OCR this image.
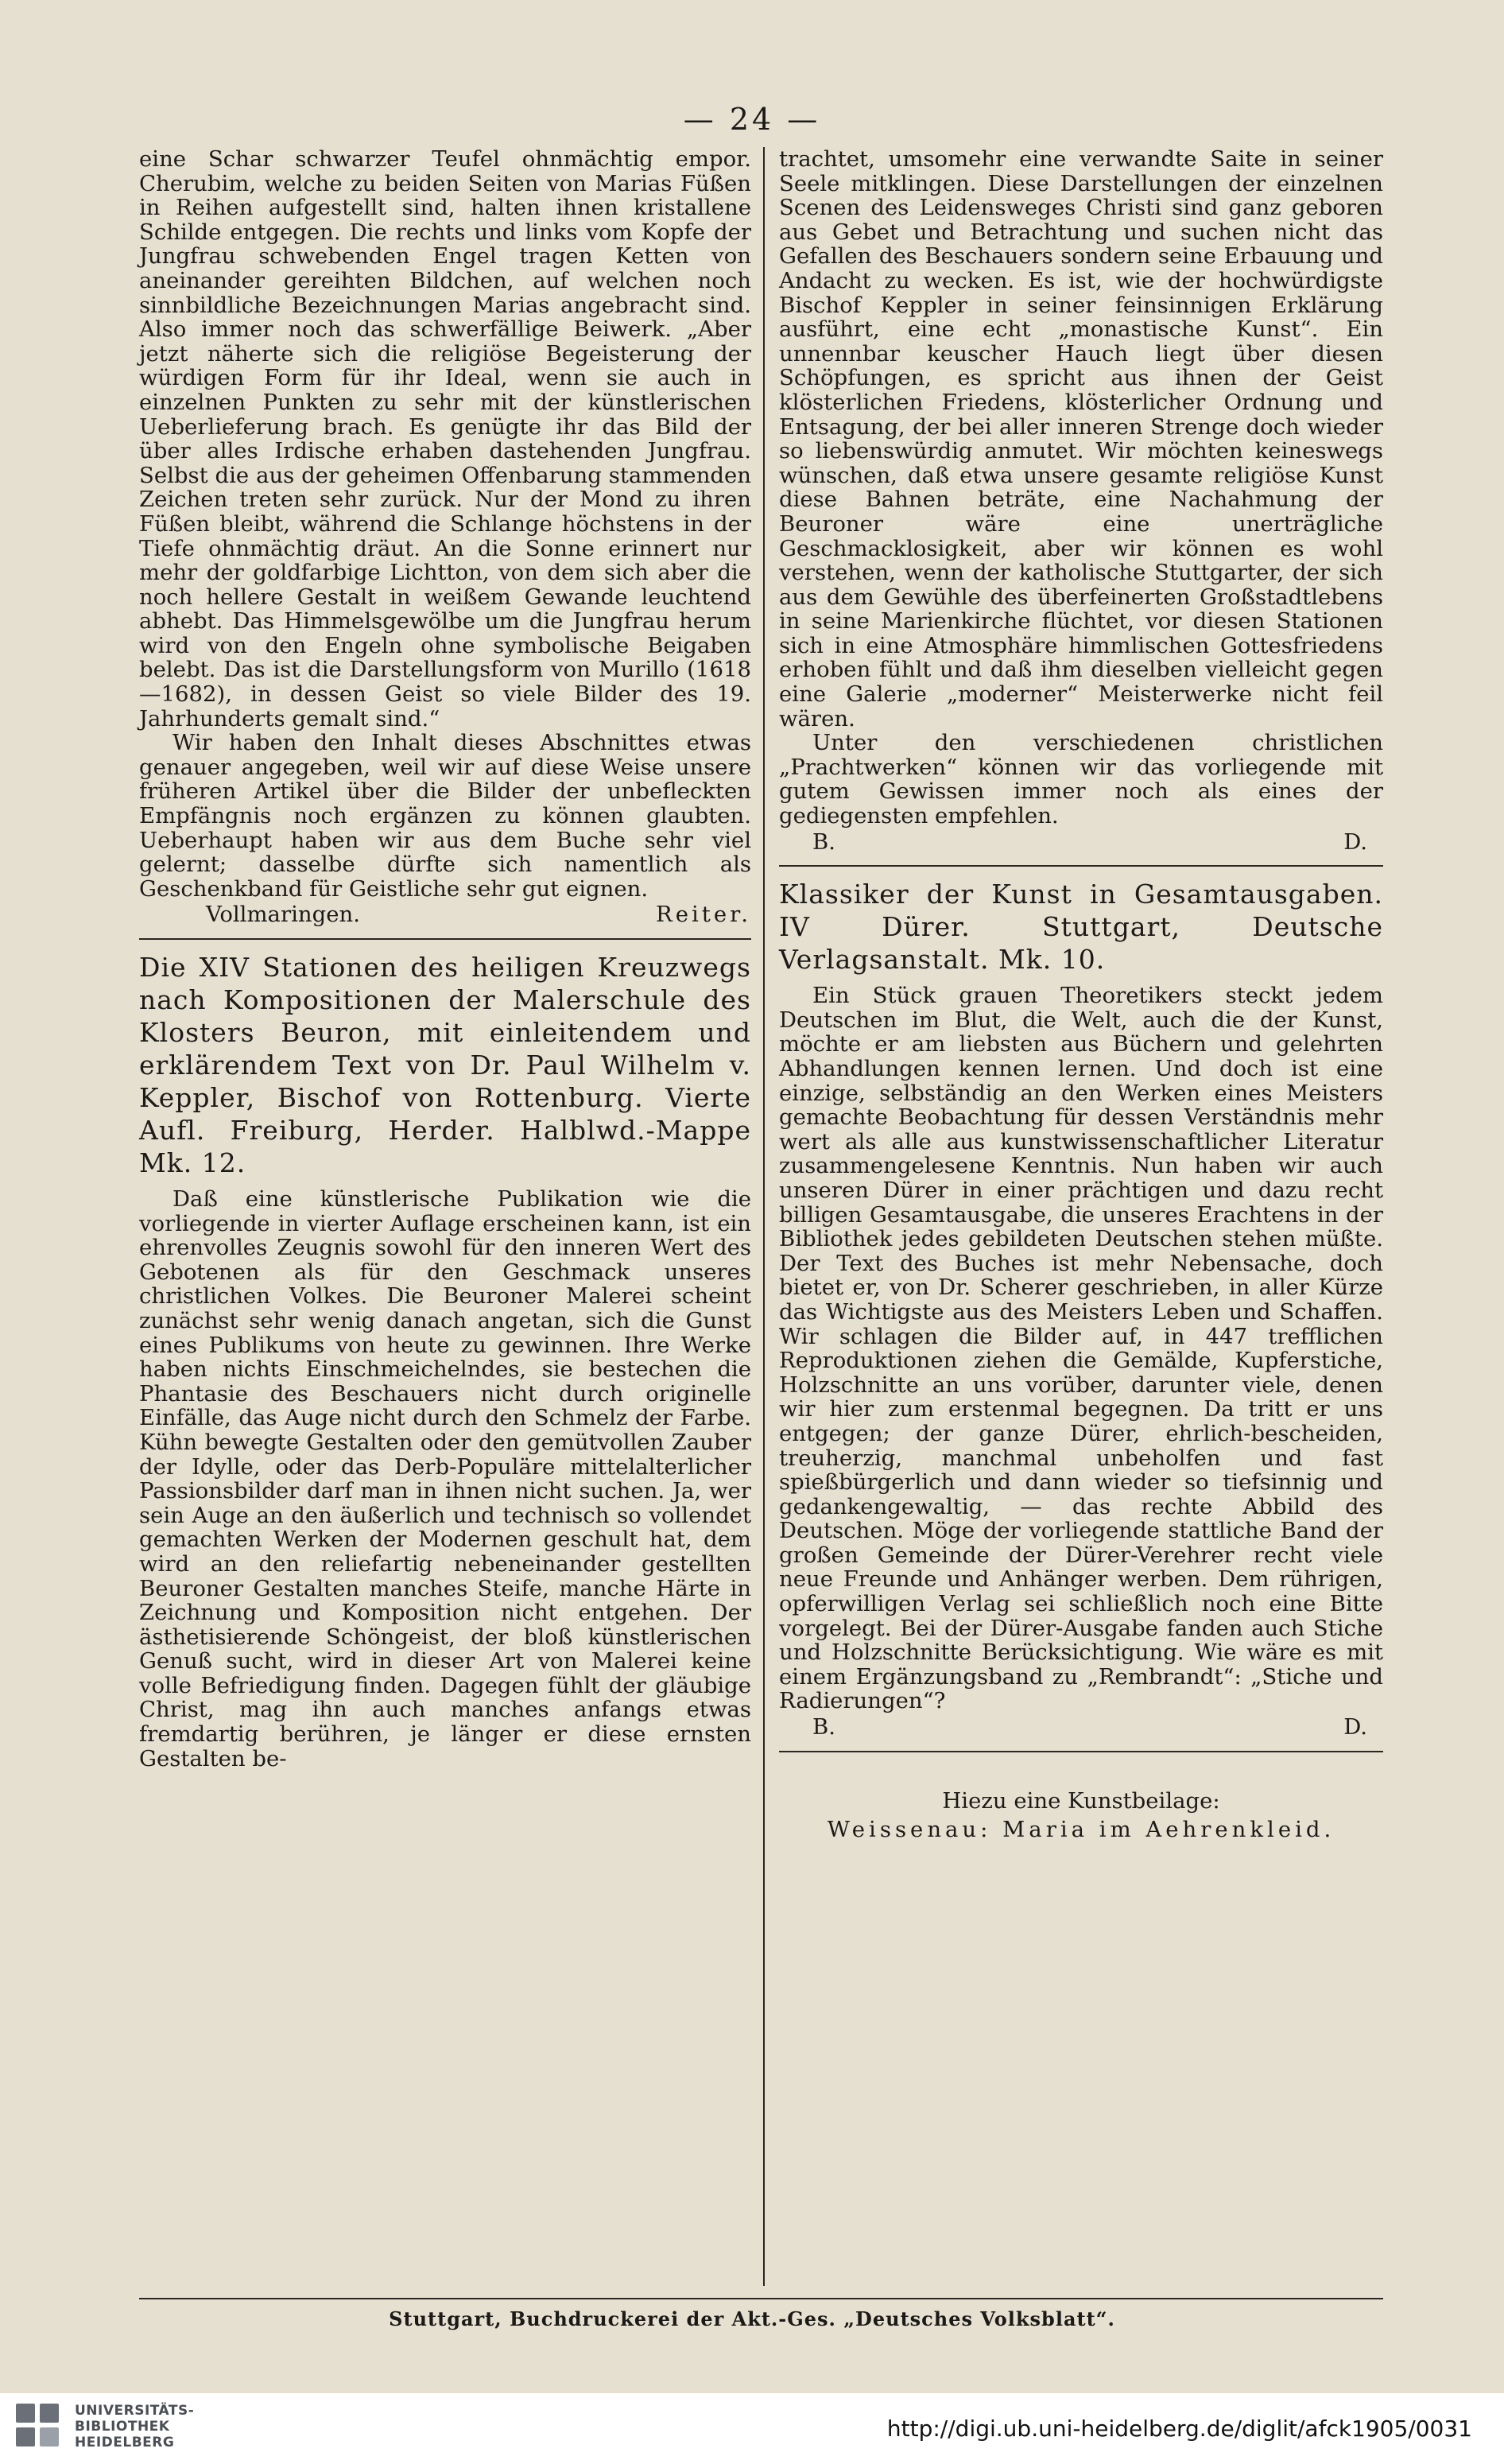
— 24 —

eine Schar schwarzer Teufel ohnmächtig empor. Cherubim, welche zu beiden Seiten von Marias Füßen in Reihen aufgestellt sind, halten ihnen kristallene Schilde entgegen. Die rechts und links vom Kopfe der Jungfrau schwebenden Engel tragen Ketten von aneinander gereihten Bildchen, auf welchen noch sinnbildliche Bezeichnungen Marias angebracht sind. Also immer noch das schwerfällige Beiwerk. „Aber jetzt näherte sich die religiöse Begeisterung der würdigen Form für ihr Ideal, wenn sie auch in einzelnen Punkten zu sehr mit der künstlerischen Ueberlieferung brach. Es genügte ihr das Bild der über alles Irdische erhaben dastehenden Jungfrau. Selbst die aus der geheimen Offenbarung stammenden Zeichen treten sehr zurück. Nur der Mond zu ihren Füßen bleibt, während die Schlange höchstens in der Tiefe ohnmächtig dräut. An die Sonne erinnert nur mehr der goldfarbige Lichtton, von dem sich aber die noch hellere Gestalt in weißem Gewande leuchtend abhebt. Das Himmelsgewölbe um die Jungfrau herum wird von den Engeln ohne symbolische Beigaben belebt. Das ist die Darstellungsform von Murillo (1618—1682), in dessen Geist so viele Bilder des 19. Jahrhunderts gemalt sind.“

Wir haben den Inhalt dieses Abschnittes etwas genauer angegeben, weil wir auf diese Weise unsere früheren Artikel über die Bilder der unbefleckten Empfängnis noch ergänzen zu können glaubten. Ueberhaupt haben wir aus dem Buche sehr viel gelernt; dasselbe dürfte sich namentlich als Geschenkband für Geistliche sehr gut eignen.

Vollmaringen.	Reiter.

Die XIV Stationen des heiligen Kreuzwegs nach Kompositionen der Malerschule des Klosters Beuron, mit einleitendem und erklärendem Text von Dr. Paul Wilhelm v. Keppler, Bischof von Rottenburg. Vierte Aufl. Freiburg, Herder. Halblwd.-Mappe Mk. 12.

Daß eine künstlerische Publikation wie die vorliegende in vierter Auflage erscheinen kann, ist ein ehrenvolles Zeugnis sowohl für den inneren Wert des Gebotenen als für den Geschmack unseres christlichen Volkes. Die Beuroner Malerei scheint zunächst sehr wenig danach angetan, sich die Gunst eines Publikums von heute zu gewinnen. Ihre Werke haben nichts Einschmeichelndes, sie bestechen die Phantasie des Beschauers nicht durch originelle Einfälle, das Auge nicht durch den Schmelz der Farbe. Kühn bewegte Gestalten oder den gemütvollen Zauber der Idylle, oder das Derb-Populäre mittelalterlicher Passionsbilder darf man in ihnen nicht suchen. Ja, wer sein Auge an den äußerlich und technisch so vollendet gemachten Werken der Modernen geschult hat, dem wird an den reliefartig nebeneinander gestellten Beuroner Gestalten manches Steife, manche Härte in Zeichnung und Komposition nicht entgehen. Der ästhetisierende Schöngeist, der bloß künstlerischen Genuß sucht, wird in dieser Art von Malerei keine volle Befriedigung finden. Dagegen fühlt der gläubige Christ, mag ihn auch manches anfangs etwas fremdartig berühren, je länger er diese ernsten Gestalten be-

trachtet, umsomehr eine verwandte Saite in seiner Seele mitklingen. Diese Darstellungen der einzelnen Scenen des Leidensweges Christi sind ganz geboren aus Gebet und Betrachtung und suchen nicht das Gefallen des Beschauers sondern seine Erbauung und Andacht zu wecken. Es ist, wie der hochwürdigste Bischof Keppler in seiner feinsinnigen Erklärung ausführt, eine echt „monastische Kunst“. Ein unnennbar keuscher Hauch liegt über diesen Schöpfungen, es spricht aus ihnen der Geist klösterlichen Friedens, klösterlicher Ordnung und Entsagung, der bei aller inneren Strenge doch wieder so liebenswürdig anmutet. Wir möchten keineswegs wünschen, daß etwa unsere gesamte religiöse Kunst diese Bahnen beträte, eine Nachahmung der Beuroner wäre eine unerträgliche Geschmacklosigkeit, aber wir können es wohl verstehen, wenn der katholische Stuttgarter, der sich aus dem Gewühle des überfeinerten Großstadtlebens in seine Marienkirche flüchtet, vor diesen Stationen sich in eine Atmosphäre himmlischen Gottesfriedens erhoben fühlt und daß ihm dieselben vielleicht gegen eine Galerie „moderner“ Meisterwerke nicht feil wären.

Unter den verschiedenen christlichen „Prachtwerken“ können wir das vorliegende mit gutem Gewissen immer noch als eines der gediegensten empfehlen.

B.	D.

Klassiker der Kunst in Gesamtausgaben. IV Dürer. Stuttgart, Deutsche Verlagsanstalt. Mk. 10.

Ein Stück grauen Theoretikers steckt jedem Deutschen im Blut, die Welt, auch die der Kunst, möchte er am liebsten aus Büchern und gelehrten Abhandlungen kennen lernen. Und doch ist eine einzige, selbständig an den Werken eines Meisters gemachte Beobachtung für dessen Verständnis mehr wert als alle aus kunstwissenschaftlicher Literatur zusammengelesene Kenntnis. Nun haben wir auch unseren Dürer in einer prächtigen und dazu recht billigen Gesamtausgabe, die unseres Erachtens in der Bibliothek jedes gebildeten Deutschen stehen müßte. Der Text des Buches ist mehr Nebensache, doch bietet er, von Dr. Scherer geschrieben, in aller Kürze das Wichtigste aus des Meisters Leben und Schaffen. Wir schlagen die Bilder auf, in 447 trefflichen Reproduktionen ziehen die Gemälde, Kupferstiche, Holzschnitte an uns vorüber, darunter viele, denen wir hier zum erstenmal begegnen. Da tritt er uns entgegen; der ganze Dürer, ehrlich-bescheiden, treuherzig, manchmal unbeholfen und fast spießbürgerlich und dann wieder so tiefsinnig und gedankengewaltig, — das rechte Abbild des Deutschen. Möge der vorliegende stattliche Band der großen Gemeinde der Dürer-Verehrer recht viele neue Freunde und Anhänger werben. Dem rührigen, opferwilligen Verlag sei schließlich noch eine Bitte vorgelegt. Bei der Dürer-Ausgabe fanden auch Stiche und Holzschnitte Berücksichtigung. Wie wäre es mit einem Ergänzungsband zu „Rembrandt“: „Stiche und Radierungen“?

B.	D.

Hiezu eine Kunstbeilage:

Weissenau: Maria im Aehrenkleid.

Stuttgart, Buchdruckerei der Akt.-Ges. „Deutsches Volksblatt“.
UNIVERSITÄTS-
BIBLIOTHEK
HEIDELBERG
http://digi.ub.uni-heidelberg.de/diglit/afck1905/0031
